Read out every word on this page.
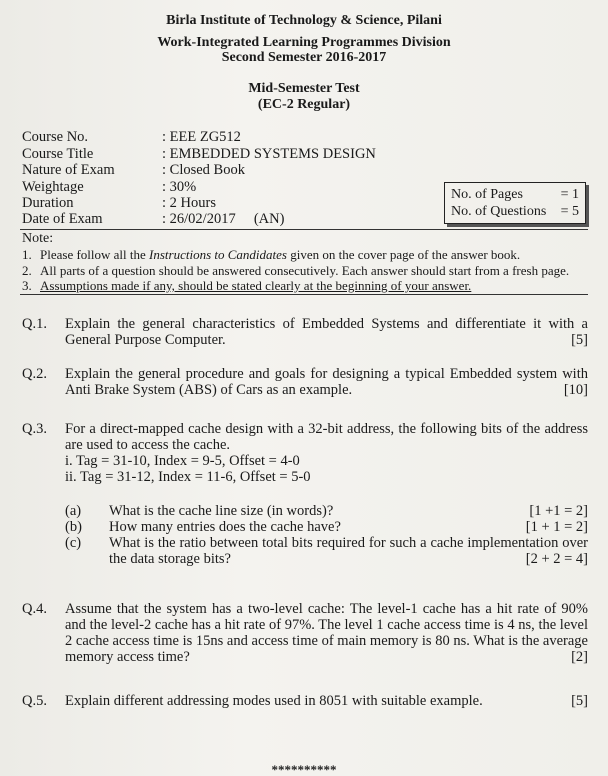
Birla Institute of Technology & Science, Pilani
Work-Integrated Learning Programmes Division
Second Semester 2016-2017
Mid-Semester Test
(EC-2 Regular)
Course No.	: EEE ZG512
Course Title	: EMBEDDED SYSTEMS DESIGN
Nature of Exam	: Closed Book
Weightage	: 30%
Duration	: 2 Hours
Date of Exam	: 26/02/2017     (AN)
No. of Pages	= 1
No. of Questions = 5
Note:
1. Please follow all the Instructions to Candidates given on the cover page of the answer book.
2. All parts of a question should be answered consecutively. Each answer should start from a fresh page.
3. Assumptions made if any, should be stated clearly at the beginning of your answer.
Q.1. Explain the general characteristics of Embedded Systems and differentiate it with a General Purpose Computer.	[5]
Q.2. Explain the general procedure and goals for designing a typical Embedded system with Anti Brake System (ABS) of Cars as an example.	[10]
Q.3. For a direct-mapped cache design with a 32-bit address, the following bits of the address are used to access the cache.
i. Tag = 31-10, Index = 9-5, Offset = 4-0
ii. Tag = 31-12, Index = 11-6, Offset = 5-0
(a)	What is the cache line size (in words)?	[1 +1 = 2]
(b)	How many entries does the cache have?	[1 + 1 = 2]
(c)	What is the ratio between total bits required for such a cache implementation over the data storage bits?	[2 + 2 = 4]
Q.4. Assume that the system has a two-level cache: The level-1 cache has a hit rate of 90% and the level-2 cache has a hit rate of 97%. The level 1 cache access time is 4 ns, the level 2 cache access time is 15ns and access time of main memory is 80 ns. What is the average memory access time?	[2]
Q.5. Explain different addressing modes used in 8051 with suitable example.	[5]
**********
